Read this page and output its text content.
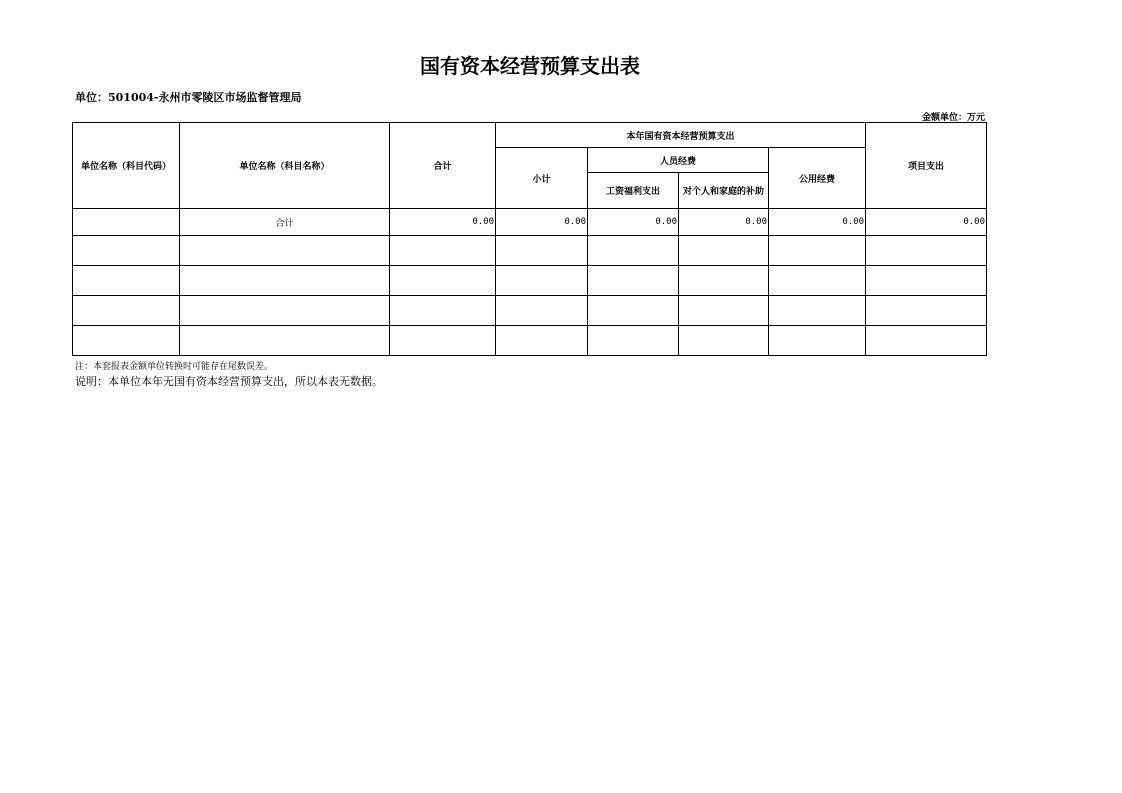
国有资本经营预算支出表
单位：501004-永州市零陵区市场监督管理局
金额单位：万元
单位名称（科目代码）	单位名称（科目名称）	合计	本年国有资本经营预算支出				项目支出
			小计	人员经费		公用经费	
				工资福利支出	对个人和家庭的补助		
	合计	0.00	0.00	0.00	0.00	0.00	0.00

注：本套报表金额单位转换时可能存在尾数误差。
说明：本单位本年无国有资本经营预算支出，所以本表无数据。
